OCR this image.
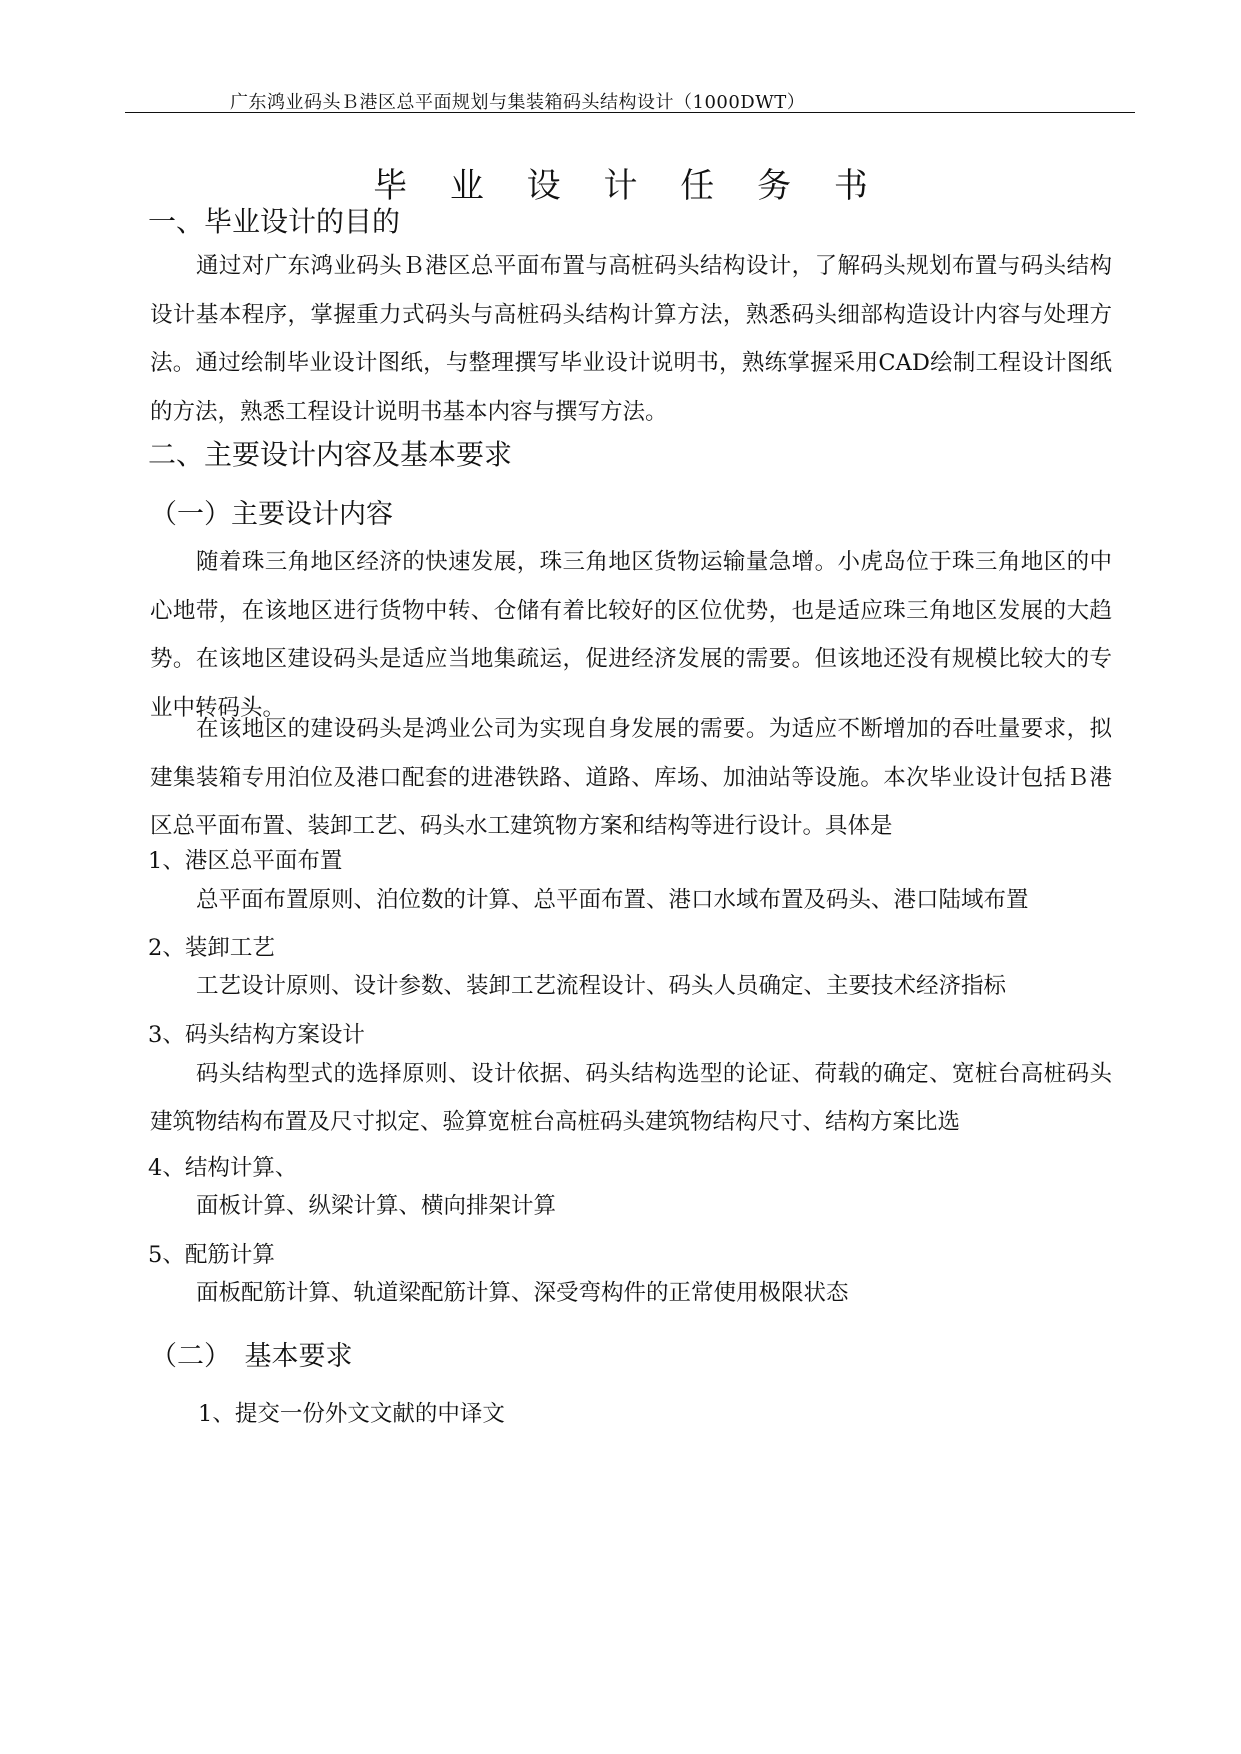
广东鸿业码头Ｂ港区总平面规划与集装箱码头结构设计（1000DWT）
毕 业 设 计 任 务 书
一、毕业设计的目的

通过对广东鸿业码头Ｂ港区总平面布置与高桩码头结构设计，了解码头规划布置与码头结构设计基本程序，掌握重力式码头与高桩码头结构计算方法，熟悉码头细部构造设计内容与处理方法。通过绘制毕业设计图纸，与整理撰写毕业设计说明书，熟练掌握采用CAD绘制工程设计图纸的方法，熟悉工程设计说明书基本内容与撰写方法。

二、主要设计内容及基本要求
（一）主要设计内容

随着珠三角地区经济的快速发展，珠三角地区货物运输量急增。小虎岛位于珠三角地区的中心地带，在该地区进行货物中转、仓储有着比较好的区位优势，也是适应珠三角地区发展的大趋势。在该地区建设码头是适应当地集疏运，促进经济发展的需要。但该地还没有规模比较大的专业中转码头。

在该地区的建设码头是鸿业公司为实现自身发展的需要。为适应不断增加的吞吐量要求，拟建集装箱专用泊位及港口配套的进港铁路、道路、库场、加油站等设施。本次毕业设计包括Ｂ港区总平面布置、装卸工艺、码头水工建筑物方案和结构等进行设计。具体是

1、港区总平面布置

总平面布置原则、泊位数的计算、总平面布置、港口水域布置及码头、港口陆域布置

2、装卸工艺

工艺设计原则、设计参数、装卸工艺流程设计、码头人员确定、主要技术经济指标

3、码头结构方案设计

码头结构型式的选择原则、设计依据、码头结构选型的论证、荷载的确定、宽桩台高桩码头建筑物结构布置及尺寸拟定、验算宽桩台高桩码头建筑物结构尺寸、结构方案比选

4、结构计算、

面板计算、纵梁计算、横向排架计算

5、配筋计算

面板配筋计算、轨道梁配筋计算、深受弯构件的正常使用极限状态

（二）　基本要求
1、提交一份外文文献的中译文
